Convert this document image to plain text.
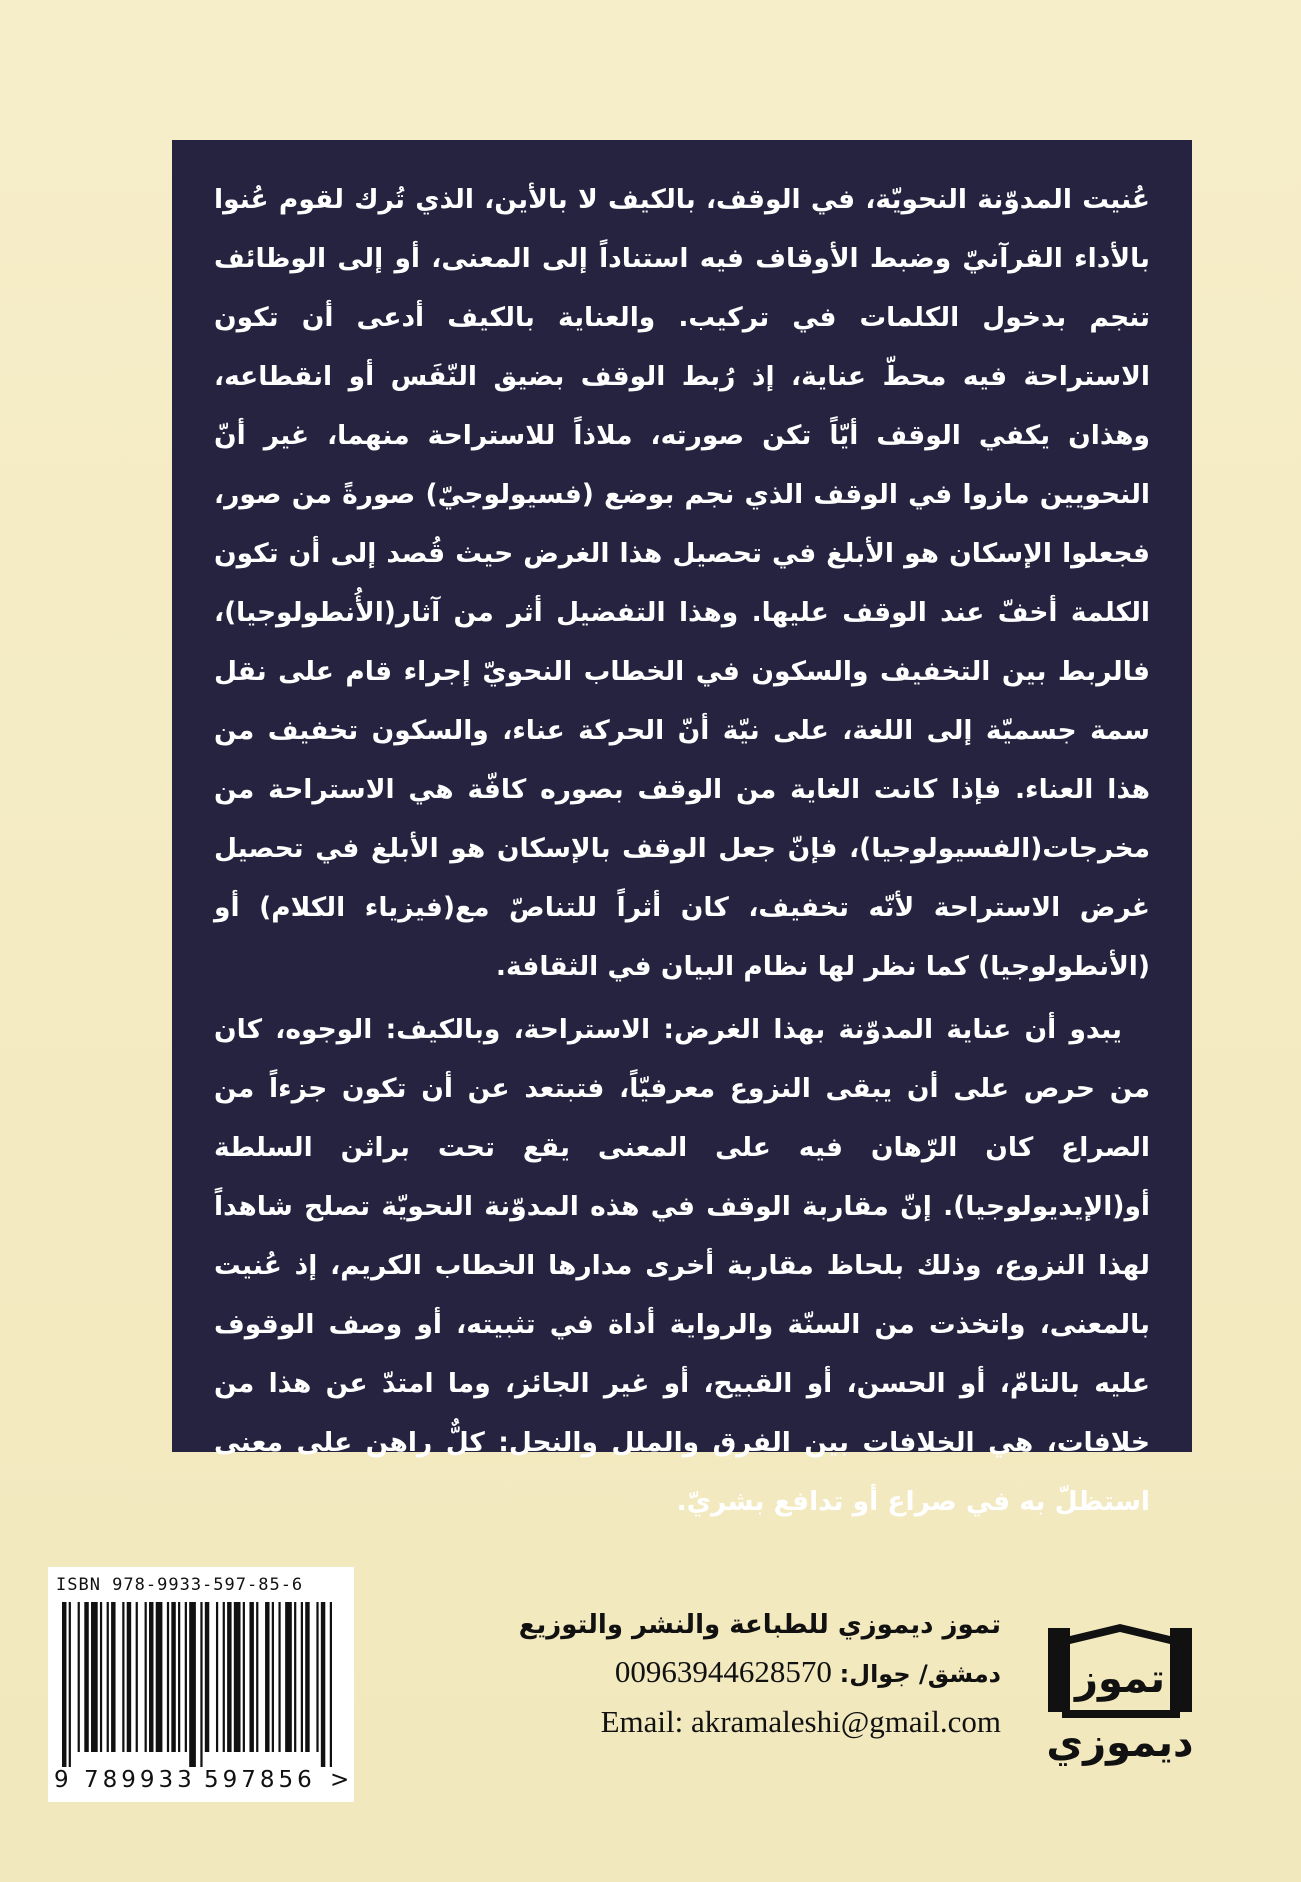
عُنيت المدوّنة النحويّة، في الوقف، بالكيف لا بالأين، الذي تُرك لقوم عُنوا بالأداء القرآنيّ وضبط الأوقاف فيه استناداً إلى المعنى، أو إلى الوظائف تنجم بدخول الكلمات في تركيب. والعناية بالكيف أدعى أن تكون الاستراحة فيه محطّ عناية، إذ رُبط الوقف بضيق النّفَس أو انقطاعه، وهذان يكفي الوقف أيّاً تكن صورته، ملاذاً للاستراحة منهما، غير أنّ النحويين مازوا في الوقف الذي نجم بوضع (فسيولوجيّ) صورةً من صور، فجعلوا الإسكان هو الأبلغ في تحصيل هذا الغرض حيث قُصد إلى أن تكون الكلمة أخفّ عند الوقف عليها. وهذا التفضيل أثر من آثار(الأُنطولوجيا)، فالربط بين التخفيف والسكون في الخطاب النحويّ إجراء قام على نقل سمة جسميّة إلى اللغة، على نيّة أنّ الحركة عناء، والسكون تخفيف من هذا العناء. فإذا كانت الغاية من الوقف بصوره كافّة هي الاستراحة من مخرجات(الفسيولوجيا)، فإنّ جعل الوقف بالإسكان هو الأبلغ في تحصيل غرض الاستراحة لأنّه تخفيف، كان أثراً للتناصّ مع(فيزياء الكلام) أو (الأنطولوجيا) كما نظر لها نظام البيان في الثقافة.

يبدو أن عناية المدوّنة بهذا الغرض: الاستراحة، وبالكيف: الوجوه، كان من حرص على أن يبقى النزوع معرفيّاً، فتبتعد عن أن تكون جزءاً من الصراع كان الرّهان فيه على المعنى يقع تحت براثن السلطة أو(الإيديولوجيا). إنّ مقاربة الوقف في هذه المدوّنة النحويّة تصلح شاهداً لهذا النزوع، وذلك بلحاظ مقاربة أخرى مدارها الخطاب الكريم، إذ عُنيت بالمعنى، واتخذت من السنّة والرواية أداة في تثبيته، أو وصف الوقوف عليه بالتامّ، أو الحسن، أو القبيح، أو غير الجائز، وما امتدّ عن هذا من خلافات، هي الخلافات بين الفرق والملل والنحل: كلٌّ راهن على معنى استظلّ به في صراع أو تدافع بشريّ.

ISBN 978-9933-597-85-6
9 789933 597856 >
تموز ديموزي للطباعة والنشر والتوزيع
دمشق/ جوال: 00963944628570
Email: akramaleshi@gmail.com
تموز
ديموزي
